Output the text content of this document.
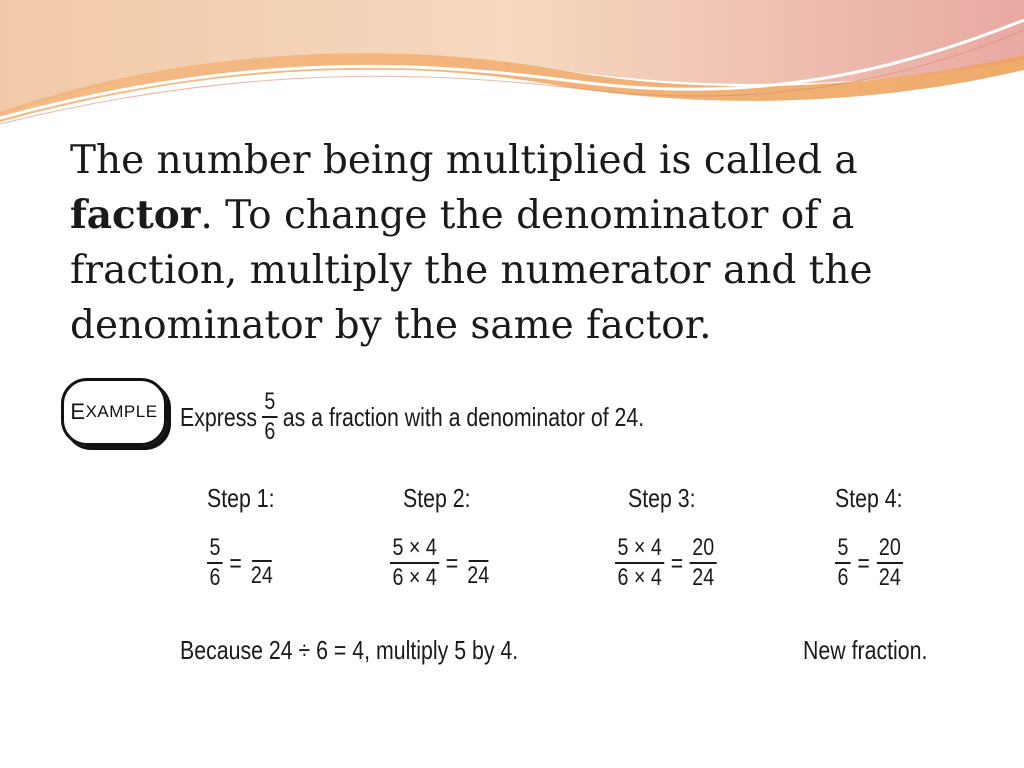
The number being multiplied is called a
factor. To change the denominator of a
fraction, multiply the numerator and the
denominator by the same factor.
E XAMPLE Express $\frac{5}{6}$ as a fraction with a denominator of 24.
Step 1:	Step 2:	Step 3:	Step 4:
$\frac{5}{6} = 24$	$\frac{5 \times 4}{6 \times 4} = 24$	$\frac{5 \times 4}{6 \times 4} = \frac{20}{24}$	$\frac{5}{6} = \frac{20}{24}$
Because 24 ÷ 6 = 4, multiply 5 by 4.	New fraction.
